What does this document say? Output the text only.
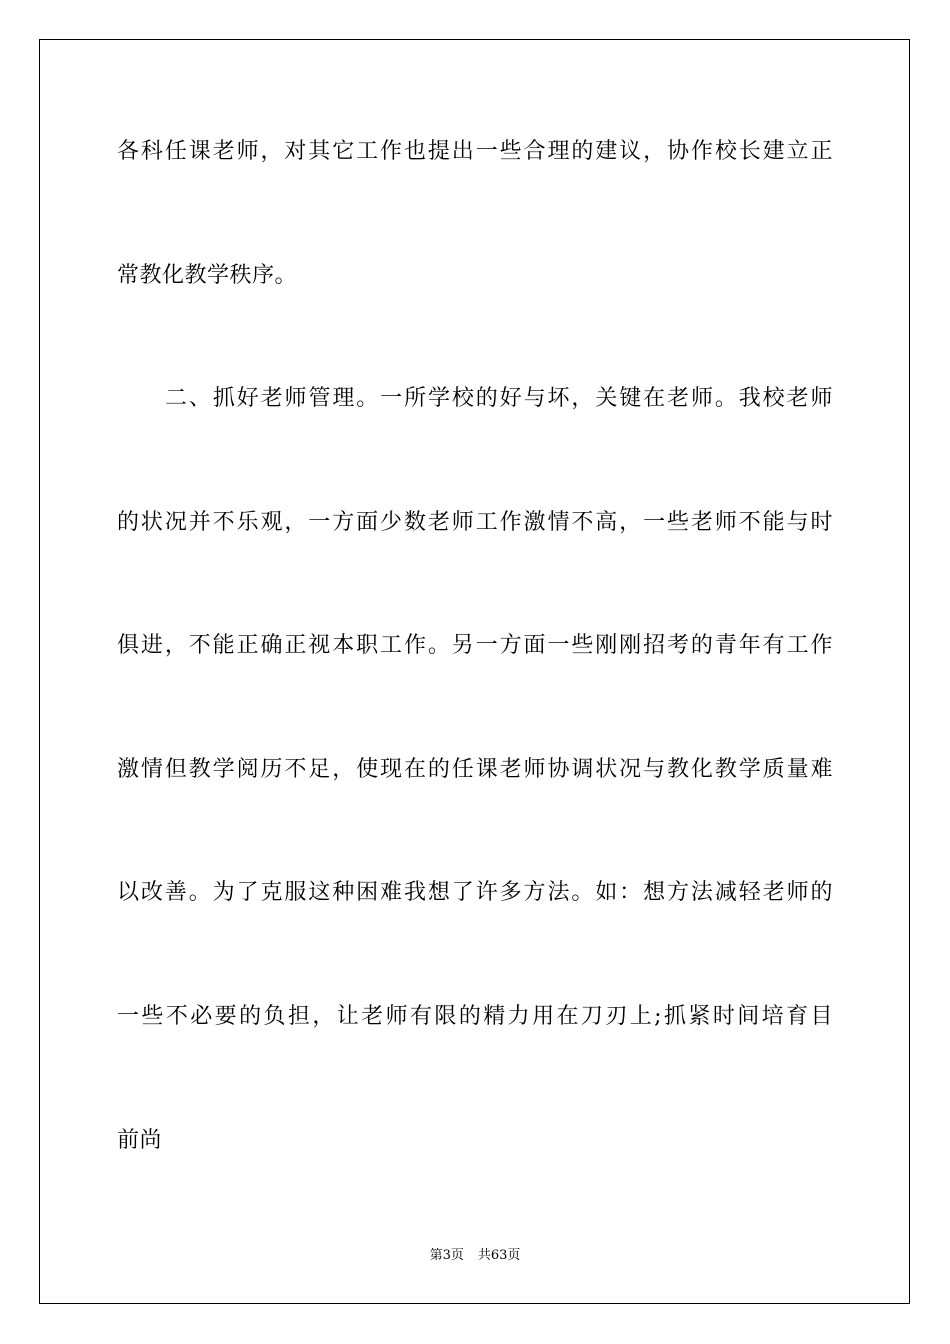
各科任课老师，对其它工作也提出一些合理的建议，协作校长建立正
常教化教学秩序。
二、抓好老师管理。一所学校的好与坏，关键在老师。我校老师
的状况并不乐观，一方面少数老师工作激情不高，一些老师不能与时
俱进，不能正确正视本职工作。另一方面一些刚刚招考的青年有工作
激情但教学阅历不足，使现在的任课老师协调状况与教化教学质量难
以改善。为了克服这种困难我想了许多方法。如：想方法减轻老师的
一些不必要的负担，让老师有限的精力用在刀刃上;抓紧时间培育目
前尚
第3页 共63页
